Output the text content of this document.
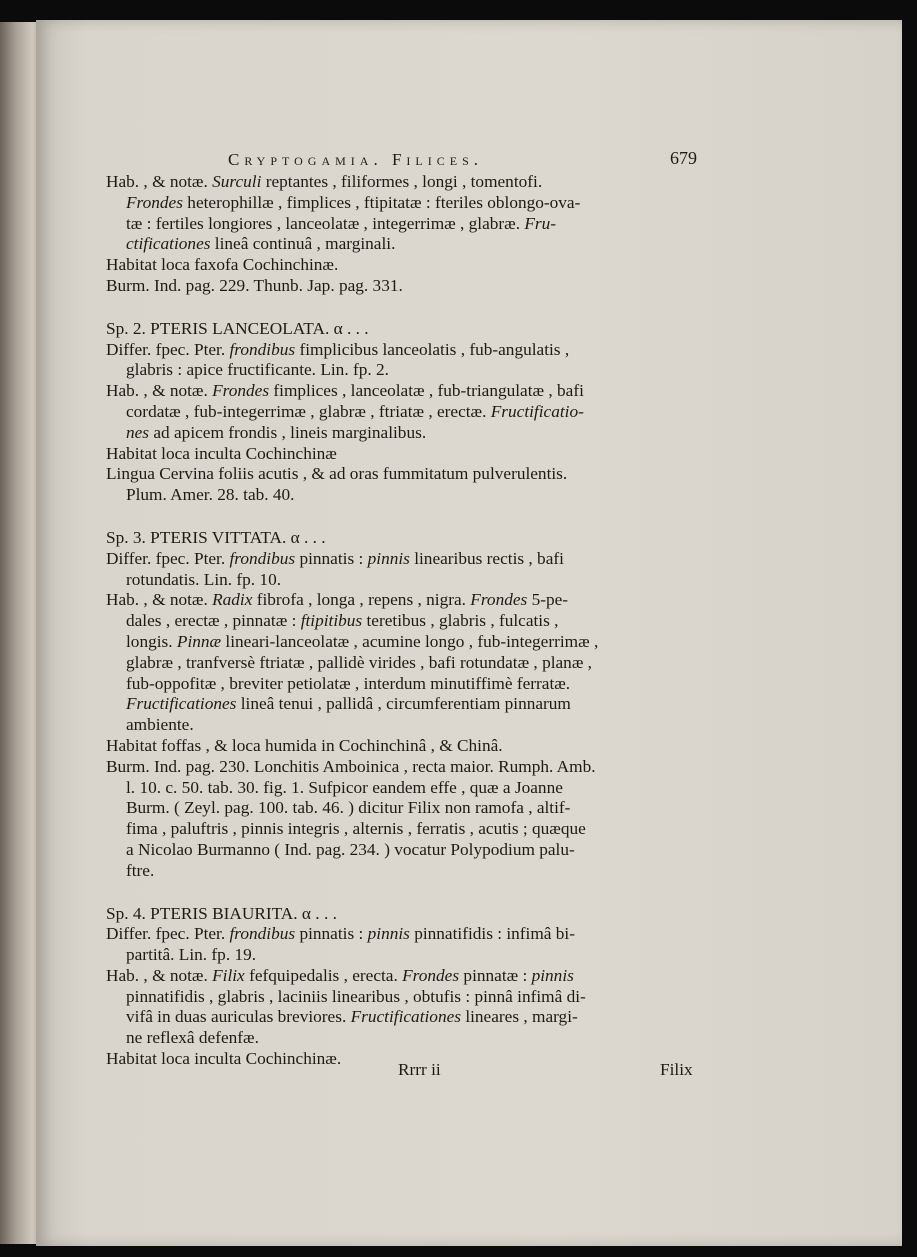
Cryptogamia. Filices.	679
Hab. , & notæ. Surculi reptantes , filiformes , longi , tomentofi.
Frondes heterophillæ , fimplices , ftipitatæ : fteriles oblongo-ova-
tæ : fertiles longiores , lanceolatæ , integerrimæ , glabræ. Fru-
ctificationes lineâ continuâ , marginali.
Habitat loca faxofa Cochinchinæ.
Burm. Ind. pag. 229. Thunb. Jap. pag. 331.
Sp. 2. PTERIS LANCEOLATA. α . . .
Differ. fpec. Pter. frondibus fimplicibus lanceolatis , fub-angulatis ,
glabris : apice fructificante. Lin. fp. 2.
Hab. , & notæ. Frondes fimplices , lanceolatæ , fub-triangulatæ , bafi
cordatæ , fub-integerrimæ , glabræ , ftriatæ , erectæ. Fructificatio-
nes ad apicem frondis , lineis marginalibus.
Habitat loca inculta Cochinchinæ
Lingua Cervina foliis acutis , & ad oras fummitatum pulverulentis.
Plum. Amer. 28. tab. 40.
Sp. 3. PTERIS VITTATA. α . . .
Differ. fpec. Pter. frondibus pinnatis : pinnis linearibus rectis , bafi
rotundatis. Lin. fp. 10.
Hab. , & notæ. Radix fibrofa , longa , repens , nigra. Frondes 5-pe-
dales , erectæ , pinnatæ : ftipitibus teretibus , glabris , fulcatis ,
longis. Pinnæ lineari-lanceolatæ , acumine longo , fub-integerrimæ ,
glabræ , tranfversè ftriatæ , pallidè virides , bafi rotundatæ , planæ ,
fub-oppofitæ , breviter petiolatæ , interdum minutiffimè ferratæ.
Fructificationes lineâ tenui , pallidâ , circumferentiam pinnarum
ambiente.
Habitat foffas , & loca humida in Cochinchinâ , & Chinâ.
Burm. Ind. pag. 230. Lonchitis Amboinica , recta maior. Rumph. Amb.
l. 10. c. 50. tab. 30. fig. 1. Sufpicor eandem effe , quæ a Joanne
Burm. ( Zeyl. pag. 100. tab. 46. ) dicitur Filix non ramofa , altif-
fima , paluftris , pinnis integris , alternis , ferratis , acutis ; quæque
a Nicolao Burmanno ( Ind. pag. 234. ) vocatur Polypodium palu-
ftre.
Sp. 4. PTERIS BIAURITA. α . . .
Differ. fpec. Pter. frondibus pinnatis : pinnis pinnatifidis : infimâ bi-
partitâ. Lin. fp. 19.
Hab. , & notæ. Filix fefquipedalis , erecta. Frondes pinnatæ : pinnis
pinnatifidis , glabris , laciniis linearibus , obtufis : pinnâ infimâ di-
vifâ in duas auriculas breviores. Fructificationes lineares , margi-
ne reflexâ defenfæ.
Habitat loca inculta Cochinchinæ.
Rrrr ii	Filix
